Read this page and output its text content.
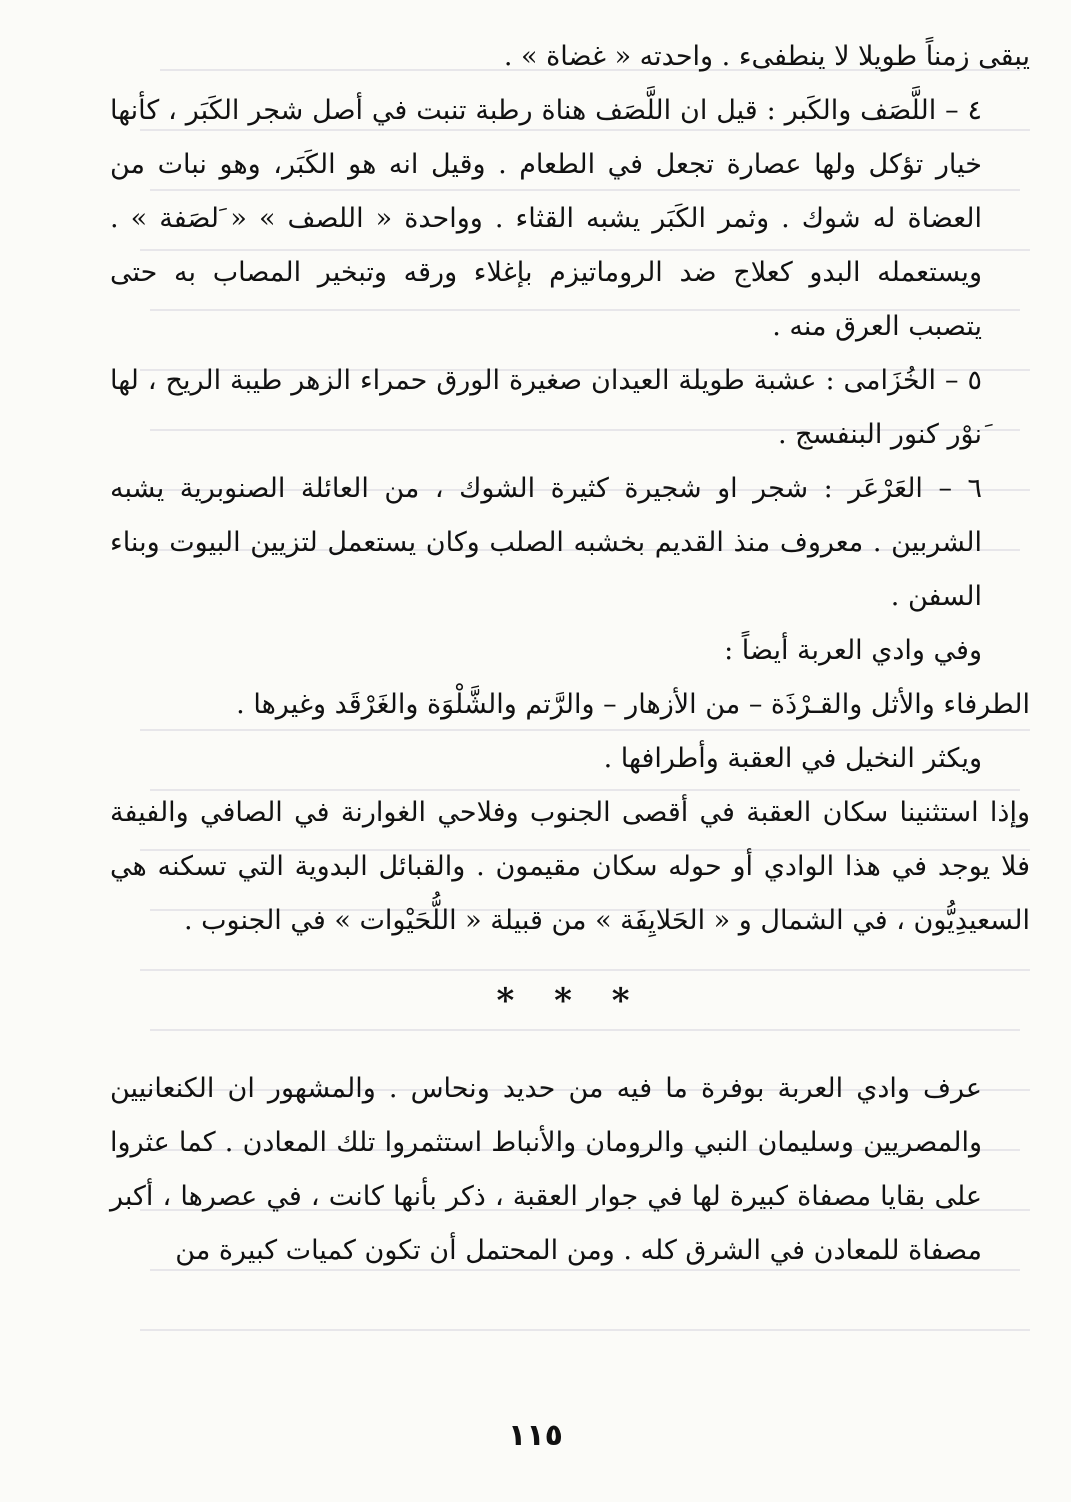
يبقى زمناً طويلا لا ينطفىء . واحدته « غضاة » .

٤ – اللَّصَف والكَبر : قيل ان اللَّصَف هناة رطبة تنبت في أصل شجر الكَبَر ، كأنها خيار تؤكل ولها عصارة تجعل في الطعام . وقيل انه هو الكَبَر، وهو نبات من العضاة له شوك . وثمر الكَبَر يشبه القثاء . وواحدة « اللصف » « َلصَفة » . ويستعمله البدو كعلاج ضد الروماتيزم بإغلاء ورقه وتبخير المصاب به حتى يتصبب العرق منه .

٥ – الخُزَامى : عشبة طويلة العيدان صغيرة الورق حمراء الزهر طيبة الريح ، لها َنوْر كنور البنفسج .

٦ – العَرْعَر : شجر او شجيرة كثيرة الشوك ، من العائلة الصنوبرية يشبه الشربين . معروف منذ القديم بخشبه الصلب وكان يستعمل لتزيين البيوت وبناء السفن .

وفي وادي العربة أيضاً :

الطرفاء والأثل والقـرْذَة – من الأزهار – والرَّتم والشَّلْوَة والغَرْقَد وغيرها .

ويكثر النخيل في العقبة وأطرافها .

وإذا استثنينا سكان العقبة في أقصى الجنوب وفلاحي الغوارنة في الصافي والفيفة فلا يوجد في هذا الوادي أو حوله سكان مقيمون . والقبائل البدوية التي تسكنه هي السعيدِيُّون ، في الشمال و « الحَلايِفَة » من قبيلة « اللُّحَيْوات » في الجنوب .

* * *

عرف وادي العربة بوفرة ما فيه من حديد ونحاس . والمشهور ان الكنعانيين والمصريين وسليمان النبي والرومان والأنباط استثمروا تلك المعادن . كما عثروا على بقايا مصفاة كبيرة لها في جوار العقبة ، ذكر بأنها كانت ، في عصرها ، أكبر مصفاة للمعادن في الشرق كله . ومن المحتمل أن تكون كميات كبيرة من

١١٥
